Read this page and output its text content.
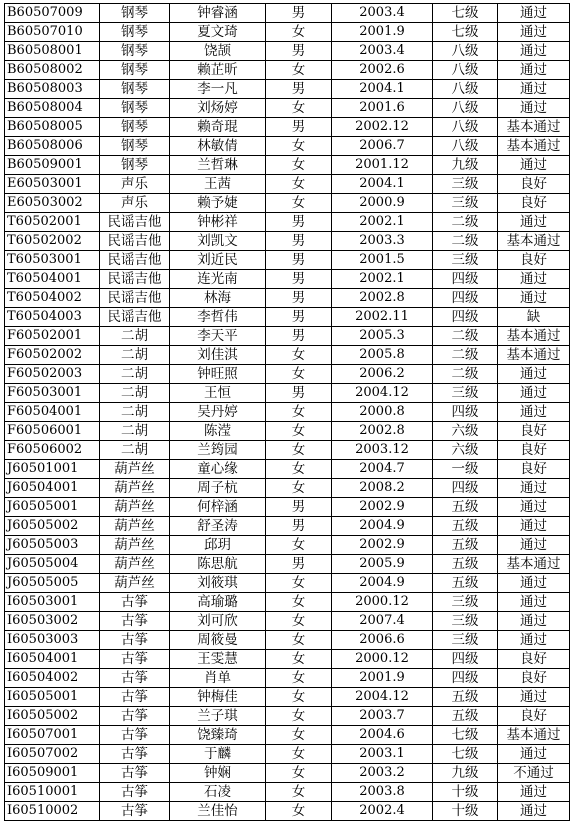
B60507009	钢琴	钟睿涵	男	2003.4	七级	通过
B60507010	钢琴	夏文琦	女	2001.9	七级	通过
B60508001	钢琴	饶颉	男	2003.4	八级	通过
B60508002	钢琴	赖芷昕	女	2002.6	八级	通过
B60508003	钢琴	李一凡	男	2004.1	八级	通过
B60508004	钢琴	刘炀婷	女	2001.6	八级	通过
B60508005	钢琴	赖奇琨	男	2002.12	八级	基本通过
B60508006	钢琴	林敏倩	女	2006.7	八级	基本通过
B60509001	钢琴	兰哲琳	女	2001.12	九级	通过
E60503001	声乐	王茜	女	2004.1	三级	良好
E60503002	声乐	赖予婕	女	2000.9	三级	良好
T60502001	民谣吉他	钟彬祥	男	2002.1	二级	通过
T60502002	民谣吉他	刘凯文	男	2003.3	二级	基本通过
T60503001	民谣吉他	刘近民	男	2001.5	三级	良好
T60504001	民谣吉他	连光南	男	2002.1	四级	通过
T60504002	民谣吉他	林海	男	2002.8	四级	通过
T60504003	民谣吉他	李哲伟	男	2002.11	四级	缺
F60502001	二胡	李天平	男	2005.3	二级	基本通过
F60502002	二胡	刘佳淇	女	2005.8	二级	基本通过
F60502003	二胡	钟旺照	女	2006.2	二级	通过
F60503001	二胡	王恒	男	2004.12	三级	通过
F60504001	二胡	吴丹婷	女	2000.8	四级	通过
F60506001	二胡	陈滢	女	2002.8	六级	良好
F60506002	二胡	兰筠园	女	2003.12	六级	良好
J60501001	葫芦丝	童心缘	女	2004.7	一级	良好
J60504001	葫芦丝	周子杭	女	2008.2	四级	通过
J60505001	葫芦丝	何梓涵	男	2002.9	五级	通过
J60505002	葫芦丝	舒圣涛	男	2004.9	五级	通过
J60505003	葫芦丝	邱玥	女	2002.9	五级	通过
J60505004	葫芦丝	陈思航	男	2005.9	五级	基本通过
J60505005	葫芦丝	刘筱琪	女	2004.9	五级	通过
I60503001	古筝	高瑜璐	女	2000.12	三级	通过
I60503002	古筝	刘可欣	女	2007.4	三级	通过
I60503003	古筝	周筱曼	女	2006.6	三级	通过
I60504001	古筝	王雯慧	女	2000.12	四级	良好
I60504002	古筝	肖单	女	2001.9	四级	良好
I60505001	古筝	钟梅佳	女	2004.12	五级	通过
I60505002	古筝	兰子琪	女	2003.7	五级	良好
I60507001	古筝	饶臻琦	女	2004.6	七级	基本通过
I60507002	古筝	于麟	女	2003.1	七级	通过
I60509001	古筝	钟娴	女	2003.2	九级	不通过
I60510001	古筝	石凌	女	2003.8	十级	通过
I60510002	古筝	兰佳怡	女	2002.4	十级	通过
